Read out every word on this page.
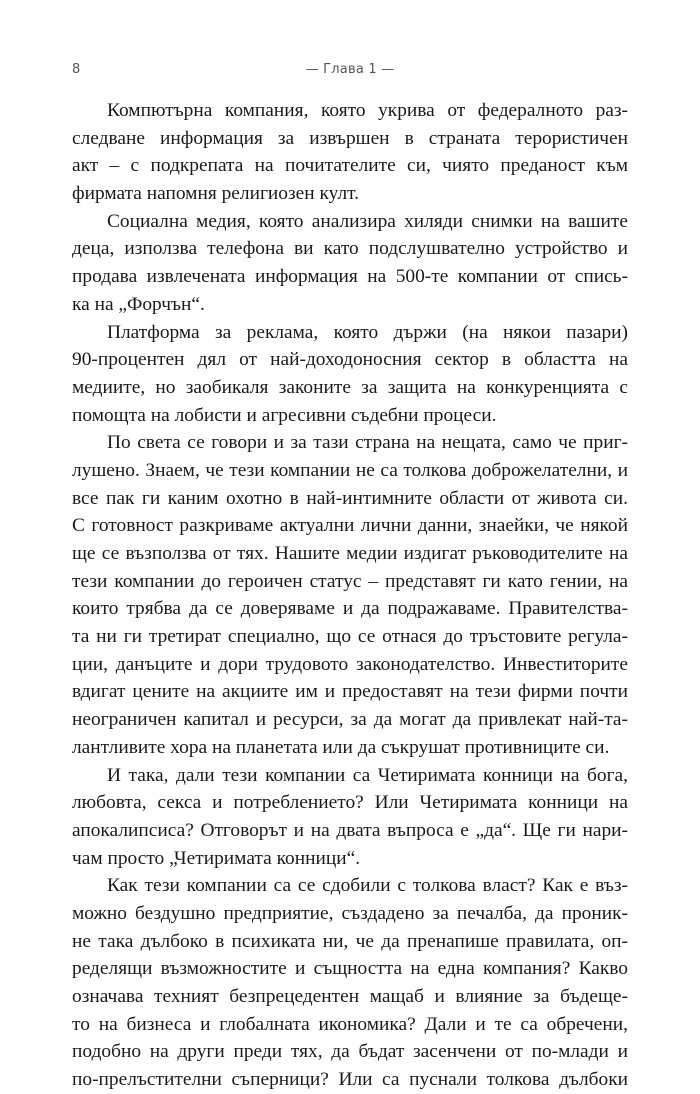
8	— Глава 1 —
Компютърна компания, която укрива от федералното раз-
следване информация за извършен в страната терористичен
акт – с подкрепата на почитателите си, чиято преданост към
фирмата напомня религиозен култ.
Социална медия, която анализира хиляди снимки на вашите
деца, използва телефона ви като подслушвателно устройство и
продава извлечената информация на 500-те компании от спись-
ка на „Форчън“.
Платформа за реклама, която държи (на някои пазари)
90-процентен дял от най-доходоносния сектор в областта на
медиите, но заобикаля законите за защита на конкуренцията с
помощта на лобисти и агресивни съдебни процеси.
По света се говори и за тази страна на нещата, само че приг-
лушено. Знаем, че тези компании не са толкова доброжелателни, и
все пак ги каним охотно в най-интимните области от живота си.
С готовност разкриваме актуални лични данни, знаейки, че някой
ще се възползва от тях. Нашите медии издигат ръководителите на
тези компании до героичен статус – представят ги като гении, на
които трябва да се доверяваме и да подражаваме. Правителства-
та ни ги третират специално, що се отнася до тръстовите регула-
ции, данъците и дори трудовото законодателство. Инвеститорите
вдигат цените на акциите им и предоставят на тези фирми почти
неограничен капитал и ресурси, за да могат да привлекат най-та-
лантливите хора на планетата или да съкрушат противниците си.
И така, дали тези компании са Четиримата конници на бога,
любовта, секса и потреблението? Или Четиримата конници на
апокалипсиса? Отговорът и на двата въпроса е „да“. Ще ги нари-
чам просто „Четиримата конници“.
Как тези компании са се сдобили с толкова власт? Как е въз-
можно бездушно предприятие, създадено за печалба, да проник-
не така дълбоко в психиката ни, че да пренапише правилата, оп-
ределящи възможностите и същността на една компания? Какво
означава техният безпрецедентен мащаб и влияние за бъдеще-
то на бизнеса и глобалната икономика? Дали и те са обречени,
подобно на други преди тях, да бъдат засенчени от по-млади и
по-прелъстителни съперници? Или са пуснали толкова дълбоки
